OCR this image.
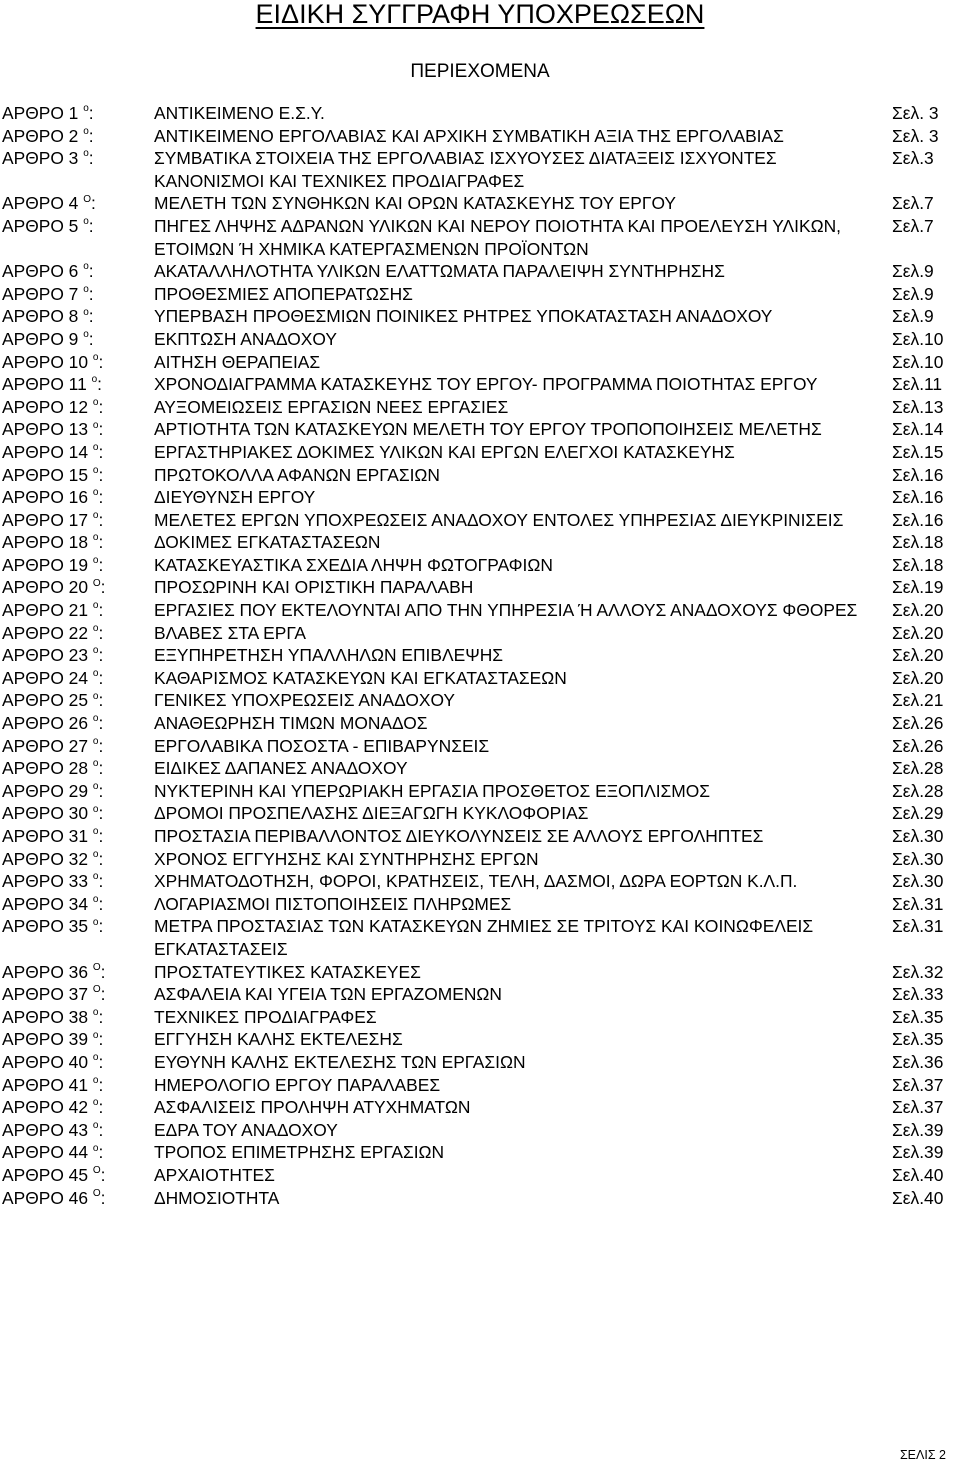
ΕΙΔΙΚΗ ΣΥΓΓΡΑΦΗ ΥΠΟΧΡΕΩΣΕΩΝ
ΠΕΡΙΕΧΟΜΕΝΑ
ΑΡΘΡΟ 1 $^o$:	ΑΝΤΙΚΕΙΜΕΝΟ Ε.Σ.Υ.	Σελ. 3
ΑΡΘΡΟ 2 $^o$:	ΑΝΤΙΚΕΙΜΕΝΟ ΕΡΓΟΛΑΒΙΑΣ ΚΑΙ ΑΡΧΙΚΗ ΣΥΜΒΑΤΙΚΗ ΑΞΙΑ ΤΗΣ ΕΡΓΟΛΑΒΙΑΣ	Σελ. 3
ΑΡΘΡΟ 3 $^o$:	ΣΥΜΒΑΤΙΚΑ ΣΤΟΙΧΕΙΑ ΤΗΣ ΕΡΓΟΛΑΒΙΑΣ ΙΣΧΥΟΥΣΕΣ ΔΙΑΤΑΞΕΙΣ ΙΣΧΥΟΝΤΕΣ ΚΑΝΟΝΙΣΜΟΙ ΚΑΙ ΤΕΧΝΙΚΕΣ ΠΡΟΔΙΑΓΡΑΦΕΣ
Σελ.3
ΑΡΘΡΟ 4 $^O$:	ΜΕΛΕΤΗ ΤΩΝ ΣΥΝΘΗΚΩΝ ΚΑΙ ΟΡΩΝ ΚΑΤΑΣΚΕΥΗΣ ΤΟΥ ΕΡΓΟΥ	Σελ.7
ΑΡΘΡΟ 5 $^o$:	ΠΗΓΕΣ ΛΗΨΗΣ ΑΔΡΑΝΩΝ ΥΛΙΚΩΝ ΚΑΙ ΝΕΡΟΥ ΠΟΙΟΤΗΤΑ ΚΑΙ ΠΡΟΕΛΕΥΣΗ ΥΛΙΚΩΝ, ΕΤΟΙΜΩΝ Ή ΧΗΜΙΚΑ ΚΑΤΕΡΓΑΣΜΕΝΩΝ ΠΡΟΪΟΝΤΩΝ
Σελ.7
ΑΡΘΡΟ 6 $^o$:	ΑΚΑΤΑΛΛΗΛΟΤΗΤΑ ΥΛΙΚΩΝ ΕΛΑΤΤΩΜΑΤΑ ΠΑΡΑΛΕΙΨΗ ΣΥΝΤΗΡΗΣΗΣ	Σελ.9
ΑΡΘΡΟ 7 $^o$:	ΠΡΟΘΕΣΜΙΕΣ ΑΠΟΠΕΡΑΤΩΣΗΣ	Σελ.9
ΑΡΘΡΟ 8 $^o$:	ΥΠΕΡΒΑΣΗ ΠΡΟΘΕΣΜΙΩΝ ΠΟΙΝΙΚΕΣ ΡΗΤΡΕΣ ΥΠΟΚΑΤΑΣΤΑΣΗ ΑΝΑΔΟΧΟΥ	Σελ.9
ΑΡΘΡΟ 9 $^o$:	ΕΚΠΤΩΣΗ ΑΝΑΔΟΧΟΥ	Σελ.10
ΑΡΘΡΟ 10 $^o$:	ΑΙΤΗΣΗ ΘΕΡΑΠΕΙΑΣ	Σελ.10
ΑΡΘΡΟ 11 $^o$:	ΧΡΟΝΟΔΙΑΓΡΑΜΜΑ ΚΑΤΑΣΚΕΥΗΣ ΤΟΥ ΕΡΓΟΥ- ΠΡΟΓΡΑΜΜΑ ΠΟΙΟΤΗΤΑΣ ΕΡΓΟΥ	Σελ.11
ΑΡΘΡΟ 12 $^o$:	ΑΥΞΟΜΕΙΩΣΕΙΣ ΕΡΓΑΣΙΩΝ ΝΕΕΣ ΕΡΓΑΣΙΕΣ	Σελ.13
ΑΡΘΡΟ 13 $^o$:	ΑΡΤΙΟΤΗΤΑ ΤΩΝ ΚΑΤΑΣΚΕΥΩΝ ΜΕΛΕΤΗ ΤΟΥ ΕΡΓΟΥ ΤΡΟΠΟΠΟΙΗΣΕΙΣ ΜΕΛΕΤΗΣ	Σελ.14
ΑΡΘΡΟ 14 $^o$:	ΕΡΓΑΣΤΗΡΙΑΚΕΣ ΔΟΚΙΜΕΣ ΥΛΙΚΩΝ ΚΑΙ ΕΡΓΩΝ ΕΛΕΓΧΟΙ ΚΑΤΑΣΚΕΥΗΣ	Σελ.15
ΑΡΘΡΟ 15 $^o$:	ΠΡΩΤΟΚΟΛΛΑ ΑΦΑΝΩΝ ΕΡΓΑΣΙΩΝ	Σελ.16
ΑΡΘΡΟ 16 $^o$:	ΔΙΕΥΘΥΝΣΗ ΕΡΓΟΥ	Σελ.16
ΑΡΘΡΟ 17 $^o$:	ΜΕΛΕΤΕΣ ΕΡΓΩΝ ΥΠΟΧΡΕΩΣΕΙΣ ΑΝΑΔΟΧΟΥ ΕΝΤΟΛΕΣ ΥΠΗΡΕΣΙΑΣ ΔΙΕΥΚΡΙΝΙΣΕΙΣ	Σελ.16
ΑΡΘΡΟ 18 $^o$:	ΔΟΚΙΜΕΣ ΕΓΚΑΤΑΣΤΑΣΕΩΝ	Σελ.18
ΑΡΘΡΟ 19 $^o$:	ΚΑΤΑΣΚΕΥΑΣΤΙΚΑ ΣΧΕΔΙΑ ΛΗΨΗ ΦΩΤΟΓΡΑΦΙΩΝ	Σελ.18
ΑΡΘΡΟ 20 $^O$:	ΠΡΟΣΩΡΙΝΗ ΚΑΙ ΟΡΙΣΤΙΚΗ ΠΑΡΑΛΑΒΗ	Σελ.19
ΑΡΘΡΟ 21 $^o$:	ΕΡΓΑΣΙΕΣ ΠΟΥ ΕΚΤΕΛΟΥΝΤΑΙ ΑΠΟ ΤΗΝ ΥΠΗΡΕΣΙΑ Ή ΑΛΛΟΥΣ ΑΝΑΔΟΧΟΥΣ ΦΘΟΡΕΣ	Σελ.20
ΑΡΘΡΟ 22 $^o$:	ΒΛΑΒΕΣ ΣΤΑ ΕΡΓΑ	Σελ.20
ΑΡΘΡΟ 23 $^o$:	ΕΞΥΠΗΡΕΤΗΣΗ ΥΠΑΛΛΗΛΩΝ ΕΠΙΒΛΕΨΗΣ	Σελ.20
ΑΡΘΡΟ 24 $^o$:	ΚΑΘΑΡΙΣΜΟΣ ΚΑΤΑΣΚΕΥΩΝ ΚΑΙ ΕΓΚΑΤΑΣΤΑΣΕΩΝ	Σελ.20
ΑΡΘΡΟ 25 $^o$:	ΓΕΝΙΚΕΣ ΥΠΟΧΡΕΩΣΕΙΣ ΑΝΑΔΟΧΟΥ	Σελ.21
ΑΡΘΡΟ 26 $^o$:	ΑΝΑΘΕΩΡΗΣΗ ΤΙΜΩΝ ΜΟΝΑΔΟΣ	Σελ.26
ΑΡΘΡΟ 27 $^o$:	ΕΡΓΟΛΑΒΙΚΑ ΠΟΣΟΣΤΑ - ΕΠΙΒΑΡΥΝΣΕΙΣ	Σελ.26
ΑΡΘΡΟ 28 $^o$:	ΕΙΔΙΚΕΣ ΔΑΠΑΝΕΣ ΑΝΑΔΟΧΟΥ	Σελ.28
ΑΡΘΡΟ 29 $^o$:	ΝΥΚΤΕΡΙΝΗ ΚΑΙ ΥΠΕΡΩΡΙΑΚΗ ΕΡΓΑΣΙΑ ΠΡΟΣΘΕΤΟΣ ΕΞΟΠΛΙΣΜΟΣ	Σελ.28
ΑΡΘΡΟ 30 $^o$:	ΔΡΟΜΟΙ ΠΡΟΣΠΕΛΑΣΗΣ ΔΙΕΞΑΓΩΓΗ ΚΥΚΛΟΦΟΡΙΑΣ	Σελ.29
ΑΡΘΡΟ 31 $^o$:	ΠΡΟΣΤΑΣΙΑ ΠΕΡΙΒΑΛΛΟΝΤΟΣ ΔΙΕΥΚΟΛΥΝΣΕΙΣ ΣΕ ΑΛΛΟΥΣ ΕΡΓΟΛΗΠΤΕΣ	Σελ.30
ΑΡΘΡΟ 32 $^o$:	ΧΡΟΝΟΣ ΕΓΓΥΗΣΗΣ ΚΑΙ ΣΥΝΤΗΡΗΣΗΣ ΕΡΓΩΝ	Σελ.30
ΑΡΘΡΟ 33 $^o$:	ΧΡΗΜΑΤΟΔΟΤΗΣΗ, ΦΟΡΟΙ, ΚΡΑΤΗΣΕΙΣ, ΤΕΛΗ, ΔΑΣΜΟΙ, ΔΩΡΑ ΕΟΡΤΩΝ Κ.Λ.Π.	Σελ.30
ΑΡΘΡΟ 34 $^o$:	ΛΟΓΑΡΙΑΣΜΟΙ ΠΙΣΤΟΠΟΙΗΣΕΙΣ ΠΛΗΡΩΜΕΣ	Σελ.31
ΑΡΘΡΟ 35 $^o$:	ΜΕΤΡΑ ΠΡΟΣΤΑΣΙΑΣ ΤΩΝ ΚΑΤΑΣΚΕΥΩΝ ΖΗΜΙΕΣ ΣΕ ΤΡΙΤΟΥΣ ΚΑΙ ΚΟΙΝΩΦΕΛΕΙΣ ΕΓΚΑΤΑΣΤΑΣΕΙΣ
Σελ.31
ΑΡΘΡΟ 36 $^O$:	ΠΡΟΣΤΑΤΕΥΤΙΚΕΣ ΚΑΤΑΣΚΕΥΕΣ	Σελ.32
ΑΡΘΡΟ 37 $^O$:	ΑΣΦΑΛΕΙΑ ΚΑΙ ΥΓΕΙΑ ΤΩΝ ΕΡΓΑΖΟΜΕΝΩΝ	Σελ.33
ΑΡΘΡΟ 38 $^o$:	ΤΕΧΝΙΚΕΣ ΠΡΟΔΙΑΓΡΑΦΕΣ	Σελ.35
ΑΡΘΡΟ 39 $^o$:	ΕΓΓΥΗΣΗ ΚΑΛΗΣ ΕΚΤΕΛΕΣΗΣ	Σελ.35
ΑΡΘΡΟ 40 $^o$:	ΕΥΘΥΝΗ ΚΑΛΗΣ ΕΚΤΕΛΕΣΗΣ ΤΩΝ ΕΡΓΑΣΙΩΝ	Σελ.36
ΑΡΘΡΟ 41 $^o$:	ΗΜΕΡΟΛΟΓΙΟ ΕΡΓΟΥ ΠΑΡΑΛΑΒΕΣ	Σελ.37
ΑΡΘΡΟ 42 $^o$:	ΑΣΦΑΛΙΣΕΙΣ ΠΡΟΛΗΨΗ ΑΤΥΧΗΜΑΤΩΝ	Σελ.37
ΑΡΘΡΟ 43 $^o$:	ΕΔΡΑ ΤΟΥ ΑΝΑΔΟΧΟΥ	Σελ.39
ΑΡΘΡΟ 44 $^o$:	ΤΡΟΠΟΣ ΕΠΙΜΕΤΡΗΣΗΣ ΕΡΓΑΣΙΩΝ	Σελ.39
ΑΡΘΡΟ 45 $^O$:	ΑΡΧΑΙΟΤΗΤΕΣ	Σελ.40
ΑΡΘΡΟ 46 $^O$:	ΔΗΜΟΣΙΟΤΗΤΑ	Σελ.40
ΣΕΛΙΣ 2
